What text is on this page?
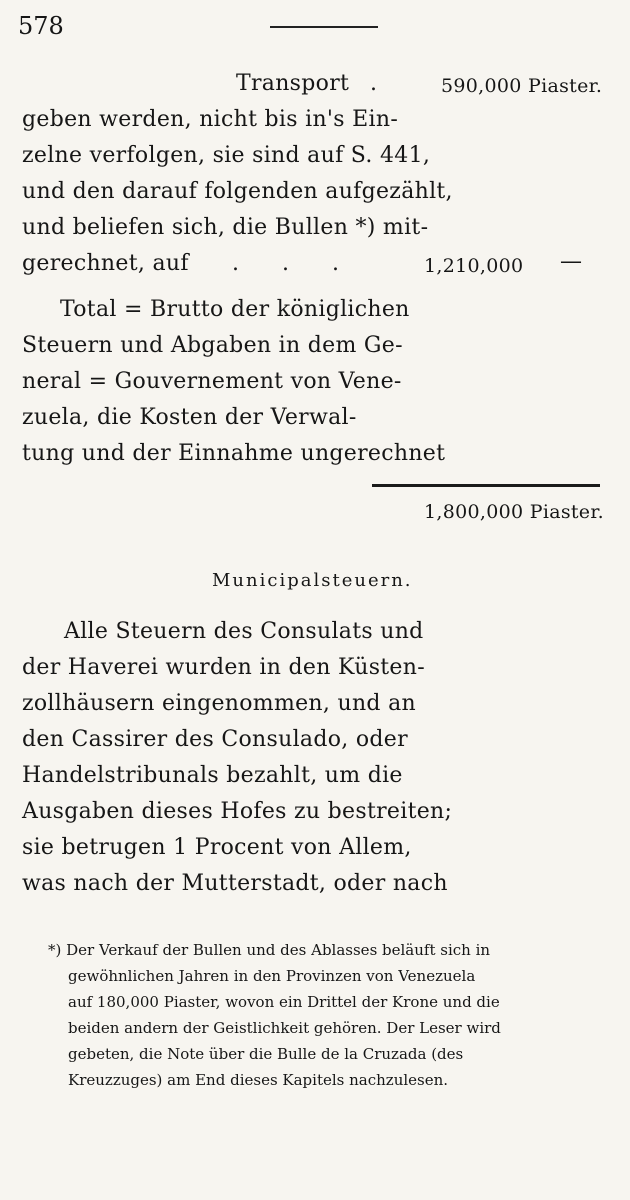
578
Transport .	590,000 Piaster.
geben werden, nicht bis in's Ein-
zelne verfolgen, sie sind auf S. 441,
und den darauf folgenden aufgezählt,
und beliefen sich, die Bullen *) mit-
gerechnet, auf . . .	1,210,000 —
Total = Brutto der königlichen
Steuern und Abgaben in dem Ge-
neral = Gouvernement von Vene-
zuela, die Kosten der Verwal-
tung und der Einnahme ungerechnet
1,800,000 Piaster.
Municipalsteuern.
Alle Steuern des Consulats und
der Haverei wurden in den Küsten-
zollhäusern eingenommen, und an
den Cassirer des Consulado, oder
Handelstribunals bezahlt, um die
Ausgaben dieses Hofes zu bestreiten;
sie betrugen 1 Procent von Allem,
was nach der Mutterstadt, oder nach
*) Der Verkauf der Bullen und des Ablasses beläuft sich in
gewöhnlichen Jahren in den Provinzen von Venezuela
auf 180,000 Piaster, wovon ein Drittel der Krone und die
beiden andern der Geistlichkeit gehören. Der Leser wird
gebeten, die Note über die Bulle de la Cruzada (des
Kreuzzuges) am End dieses Kapitels nachzulesen.
